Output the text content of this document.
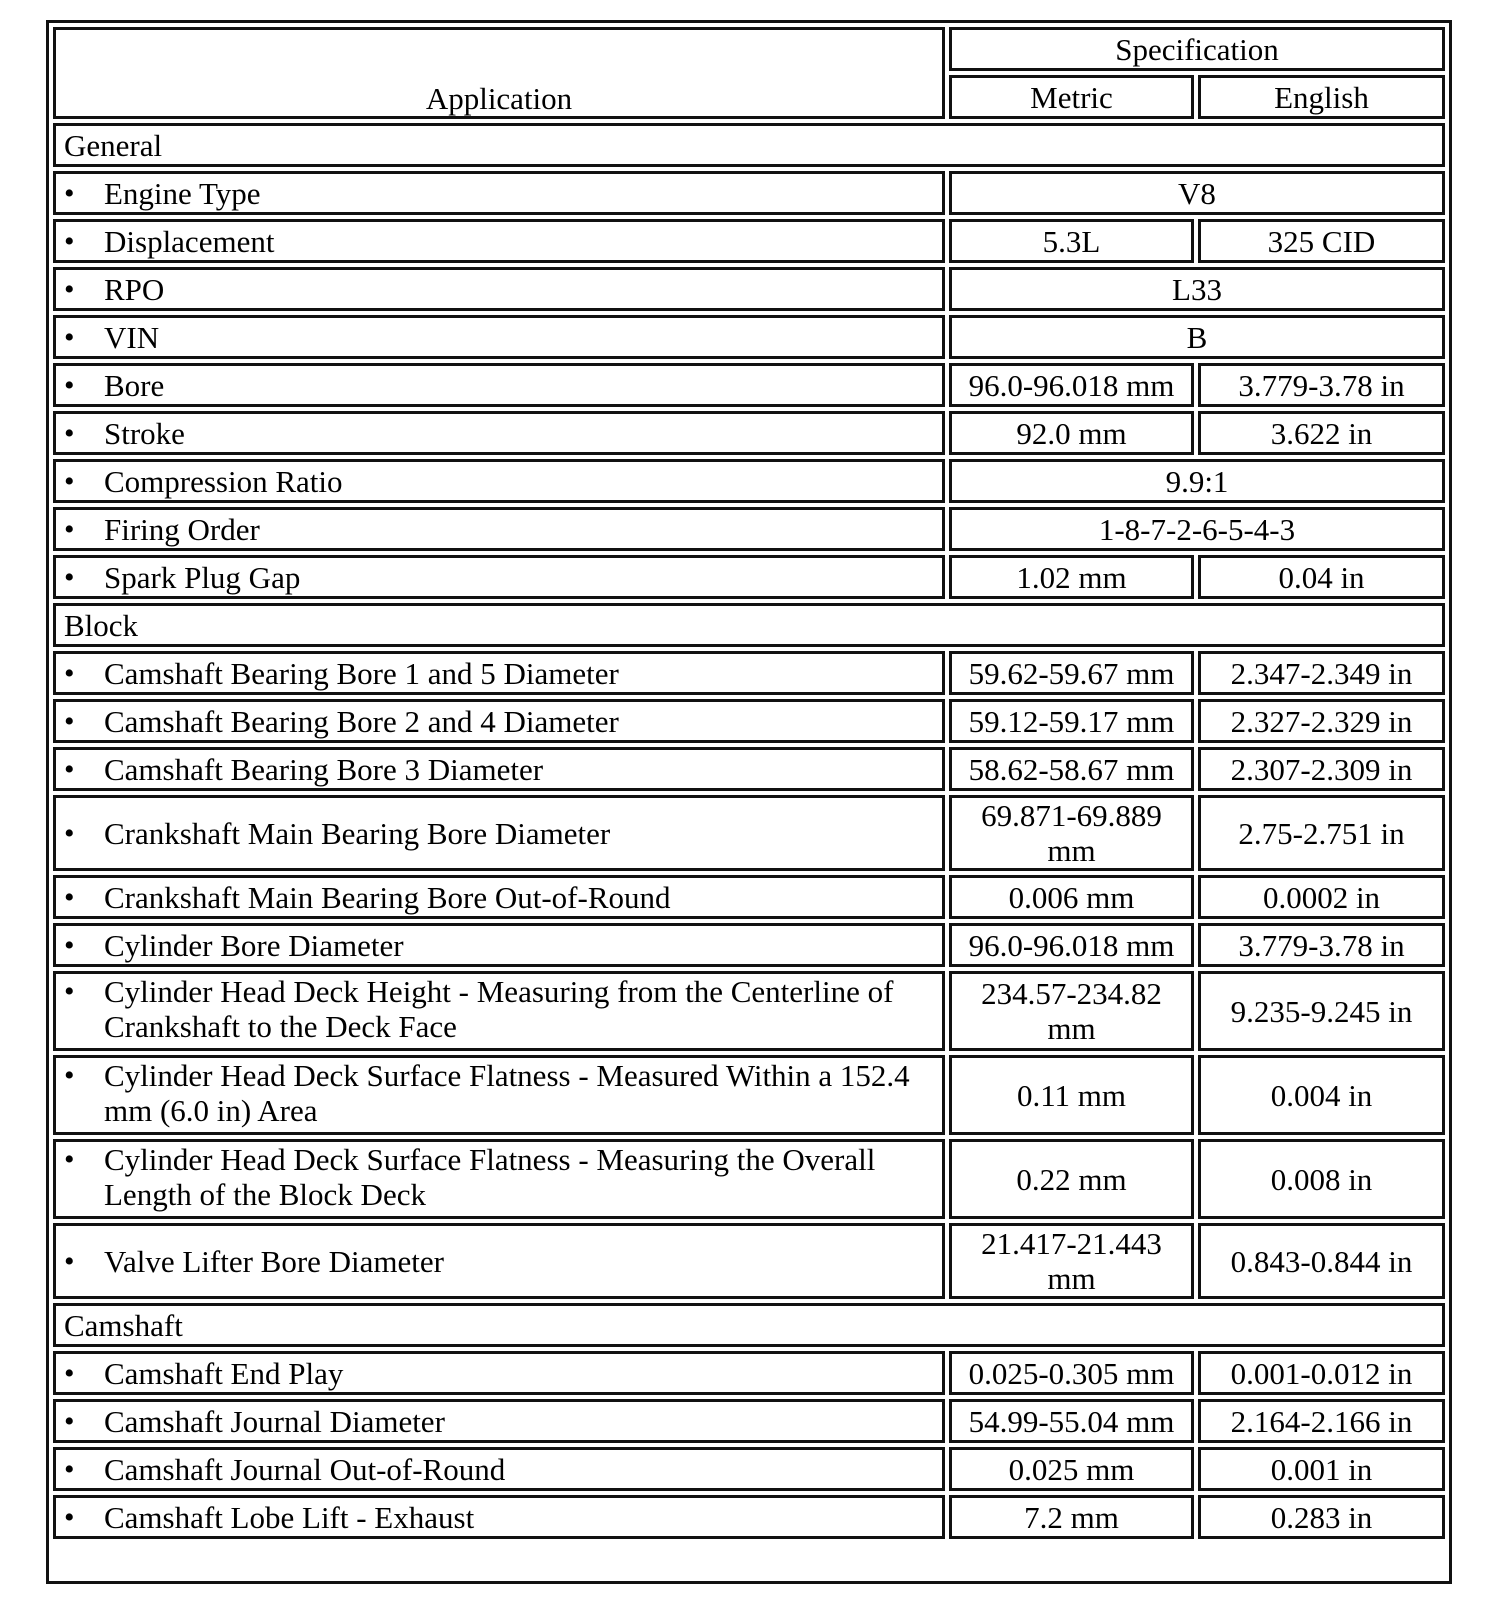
Application	Specification	
	Metric	English
General		

• Engine Type	V8	

• Displacement	5.3L	325 CID

• RPO	L33	

• VIN	B	

• Bore	96.0-96.018 mm	3.779-3.78 in

• Stroke	92.0 mm	3.622 in

• Compression Ratio	9.9:1	

• Firing Order	1-8-7-2-6-5-4-3	

• Spark Plug Gap	1.02 mm	0.04 in
Block		

• Camshaft Bearing Bore 1 and 5 Diameter	59.62-59.67 mm	2.347-2.349 in

• Camshaft Bearing Bore 2 and 4 Diameter	59.12-59.17 mm	2.327-2.329 in

• Camshaft Bearing Bore 3 Diameter	58.62-58.67 mm	2.307-2.309 in

• Crankshaft Main Bearing Bore Diameter	69.871-69.889 mm	2.75-2.751 in

• Crankshaft Main Bearing Bore Out-of-Round	0.006 mm	0.0002 in

• Cylinder Bore Diameter	96.0-96.018 mm	3.779-3.78 in

• Cylinder Head Deck Height - Measuring from the Centerline of Crankshaft to the Deck Face	234.57-234.82 mm	9.235-9.245 in

• Cylinder Head Deck Surface Flatness - Measured Within a 152.4 mm (6.0 in) Area	0.11 mm	0.004 in

• Cylinder Head Deck Surface Flatness - Measuring the Overall Length of the Block Deck	0.22 mm	0.008 in

• Valve Lifter Bore Diameter	21.417-21.443 mm	0.843-0.844 in
Camshaft		

• Camshaft End Play	0.025-0.305 mm	0.001-0.012 in

• Camshaft Journal Diameter	54.99-55.04 mm	2.164-2.166 in

• Camshaft Journal Out-of-Round	0.025 mm	0.001 in

• Camshaft Lobe Lift - Exhaust	7.2 mm	0.283 in
